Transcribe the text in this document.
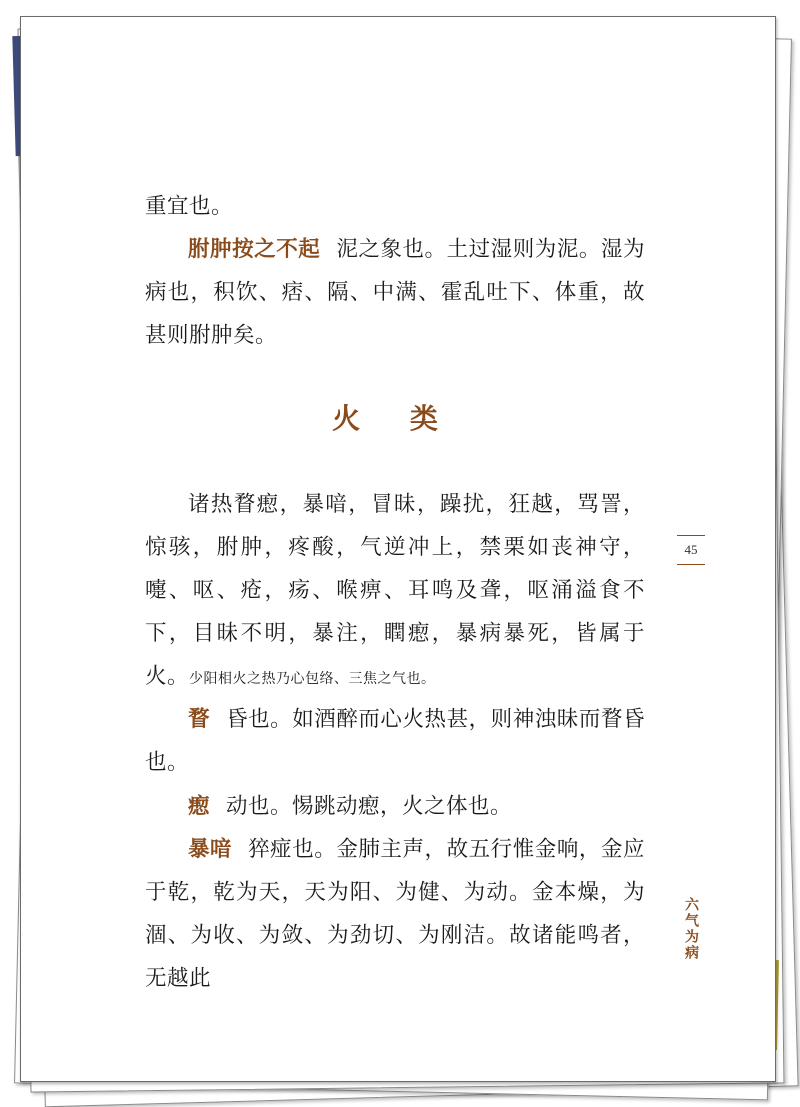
重宜也。

胕肿按之不起 泥之象也。土过湿则为泥。湿为病也，积饮、痞、隔、中满、霍乱吐下、体重，故甚则胕肿矣。

火 类

诸热瞀瘛，暴喑，冒昧，躁扰，狂越，骂詈，惊骇，胕肿，疼酸，气逆冲上，禁栗如丧神守，嚏、呕、疮，疡、喉痹、耳鸣及聋，呕涌溢食不下，目昧不明，暴注，瞤瘛，暴病暴死，皆属于火。少阳相火之热乃心包络、三焦之气也。

瞀 昏也。如酒醉而心火热甚，则神浊昧而瞀昏也。

瘛 动也。惕跳动瘛，火之体也。

暴喑 猝痖也。金肺主声，故五行惟金响，金应于乾，乾为天，天为阳、为健、为动。金本燥，为涸、为收、为敛、为劲切、为刚洁。故诸能鸣者，无越此

45
六气为病
